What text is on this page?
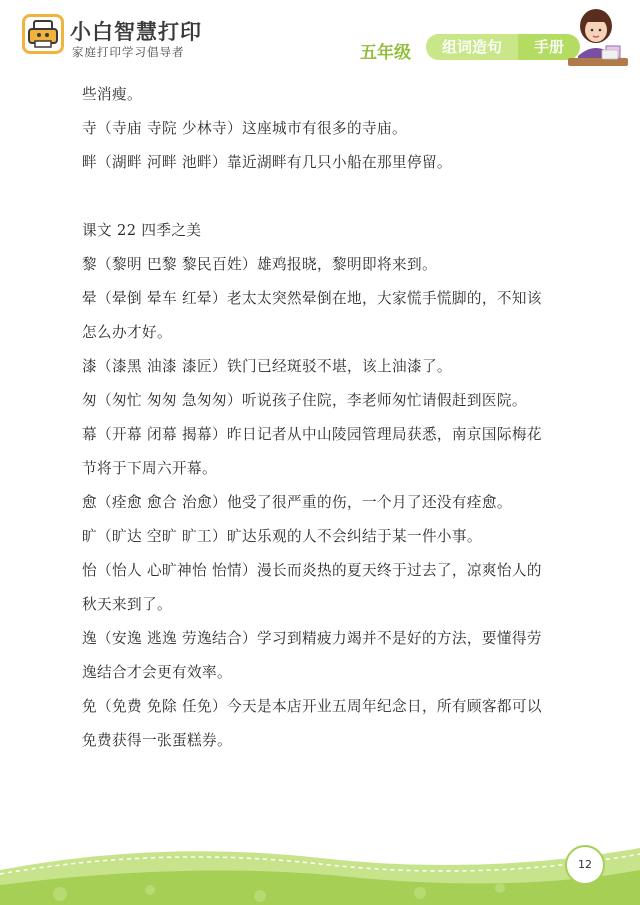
小白智慧打印
家庭打印学习倡导者	五年级	组词造句	手册
些消瘦。
寺（寺庙 寺院 少林寺）这座城市有很多的寺庙。
畔（湖畔 河畔 池畔）靠近湖畔有几只小船在那里停留。
课文 22 四季之美
黎（黎明 巴黎 黎民百姓）雄鸡报晓，黎明即将来到。
晕（晕倒 晕车 红晕）老太太突然晕倒在地，大家慌手慌脚的，不知该怎么办才好。
漆（漆黑 油漆 漆匠）铁门已经斑驳不堪，该上油漆了。
匆（匆忙 匆匆 急匆匆）听说孩子住院，李老师匆忙请假赶到医院。
幕（开幕 闭幕 揭幕）昨日记者从中山陵园管理局获悉，南京国际梅花节将于下周六开幕。
愈（痊愈 愈合 治愈）他受了很严重的伤，一个月了还没有痊愈。
旷（旷达 空旷 旷工）旷达乐观的人不会纠结于某一件小事。
怡（怡人 心旷神怡 怡情）漫长而炎热的夏天终于过去了，凉爽怡人的秋天来到了。
逸（安逸 逃逸 劳逸结合）学习到精疲力竭并不是好的方法，要懂得劳逸结合才会更有效率。
免（免费 免除 任免）今天是本店开业五周年纪念日，所有顾客都可以免费获得一张蛋糕券。
12
